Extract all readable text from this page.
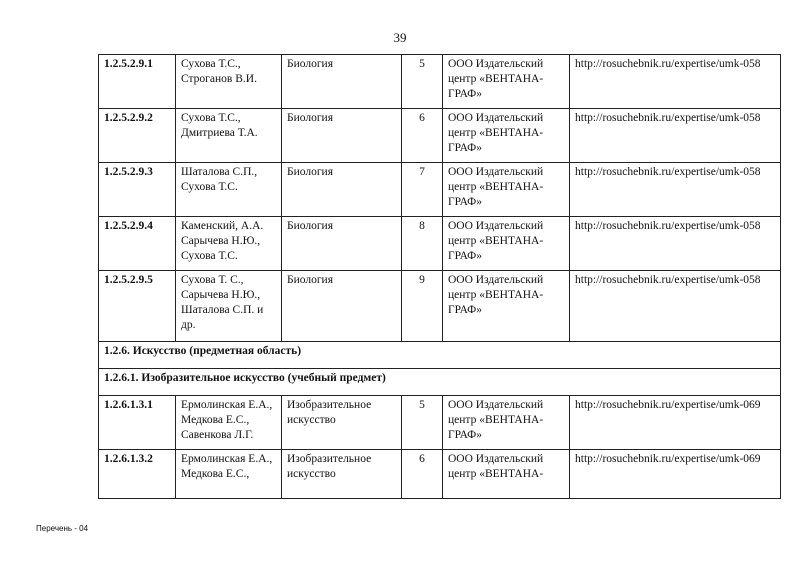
39
1.2.5.2.9.1	Сухова Т.С., Строганов В.И.	Биология	5	ООО Издательский центр «ВЕНТАНА-ГРАФ»	http://rosuchebnik.ru/expertise/umk-058
1.2.5.2.9.2	Сухова Т.С., Дмитриева Т.А.	Биология	6	ООО Издательский центр «ВЕНТАНА-ГРАФ»	http://rosuchebnik.ru/expertise/umk-058
1.2.5.2.9.3	Шаталова С.П., Сухова Т.С.	Биология	7	ООО Издательский центр «ВЕНТАНА-ГРАФ»	http://rosuchebnik.ru/expertise/umk-058
1.2.5.2.9.4	Каменский, А.А. Сарычева Н.Ю., Сухова Т.С.	Биология	8	ООО Издательский центр «ВЕНТАНА-ГРАФ»	http://rosuchebnik.ru/expertise/umk-058
1.2.5.2.9.5	Сухова Т. С., Сарычева Н.Ю., Шаталова С.П. и др.	Биология	9	ООО Издательский центр «ВЕНТАНА-ГРАФ»	http://rosuchebnik.ru/expertise/umk-058
1.2.6. Искусство (предметная область)					
1.2.6.1. Изобразительное искусство (учебный предмет)					
1.2.6.1.3.1	Ермолинская Е.А., Медкова Е.С., Савенкова Л.Г.	Изобразительное искусство	5	ООО Издательский центр «ВЕНТАНА-ГРАФ»	http://rosuchebnik.ru/expertise/umk-069
1.2.6.1.3.2	Ермолинская Е.А., Медкова Е.С.,	Изобразительное искусство	6	ООО Издательский центр «ВЕНТАНА-	http://rosuchebnik.ru/expertise/umk-069
Перечень - 04
